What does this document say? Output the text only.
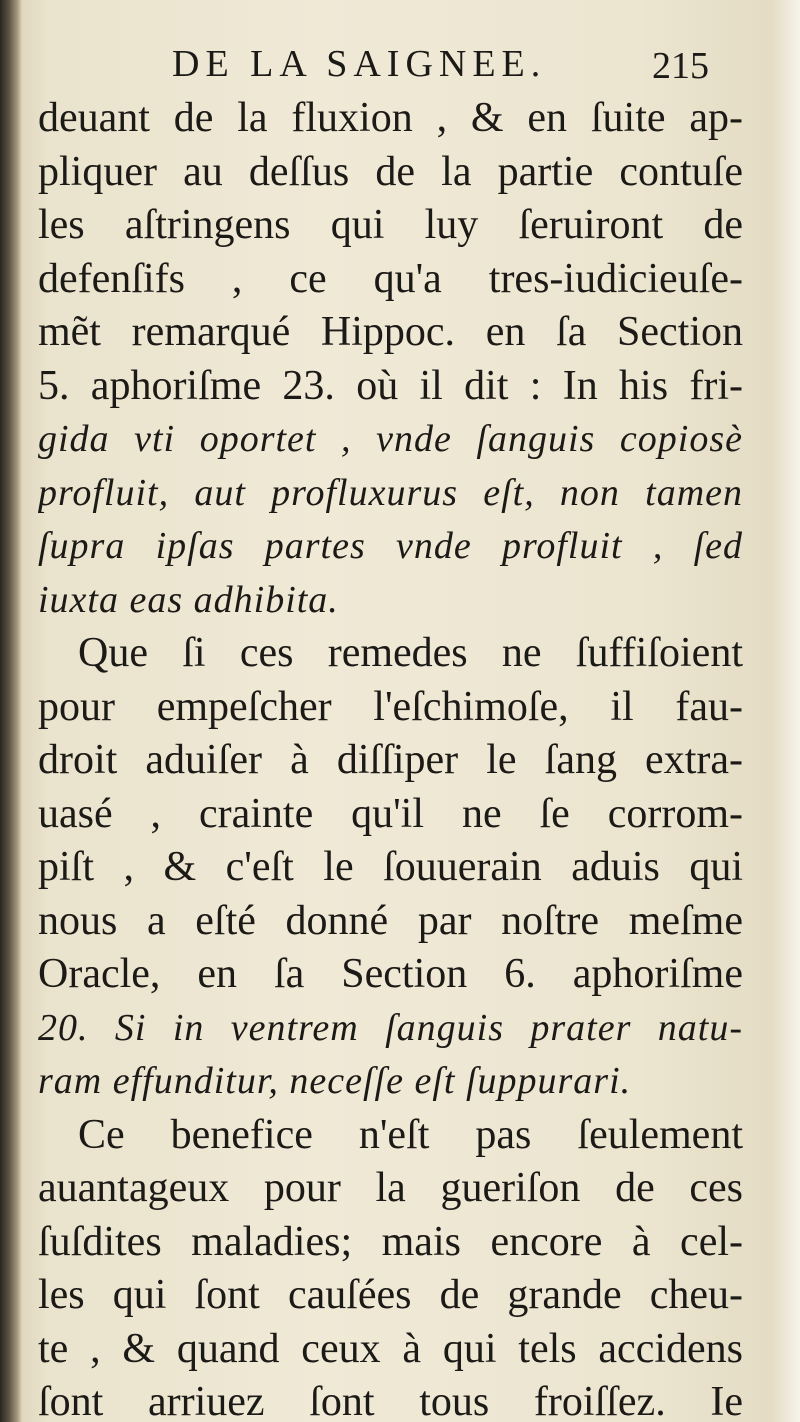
DE LA SAIGNEE.	215
deuant de la fluxion , & en ſuite ap-
pliquer au deſſus de la partie contuſe
les aſtringens qui luy ſeruiront de
defenſifs , ce qu'a tres-iudicieuſe-
mẽt remarqué Hippoc. en ſa Section
5. aphoriſme 23. où il dit : In his fri-
gida vti oportet , vnde ſanguis copiosè
profluit, aut profluxurus eſt, non tamen
ſupra ipſas partes vnde profluit , ſed
iuxta eas adhibita.
Que ſi ces remedes ne ſuffiſoient
pour empeſcher l'eſchimoſe, il fau-
droit aduiſer à diſſiper le ſang extra-
uasé , crainte qu'il ne ſe corrom-
piſt , & c'eſt le ſouuerain aduis qui
nous a eſté donné par noſtre meſme
Oracle, en ſa Section 6. aphoriſme
20. Si in ventrem ſanguis prater natu-
ram effunditur, neceſſe eſt ſuppurari.
Ce benefice n'eſt pas ſeulement
auantageux pour la gueriſon de ces
ſuſdites maladies; mais encore à cel-
les qui ſont cauſées de grande cheu-
te , & quand ceux à qui tels accidens
ſont arriuez ſont tous froiſſez. Ie
